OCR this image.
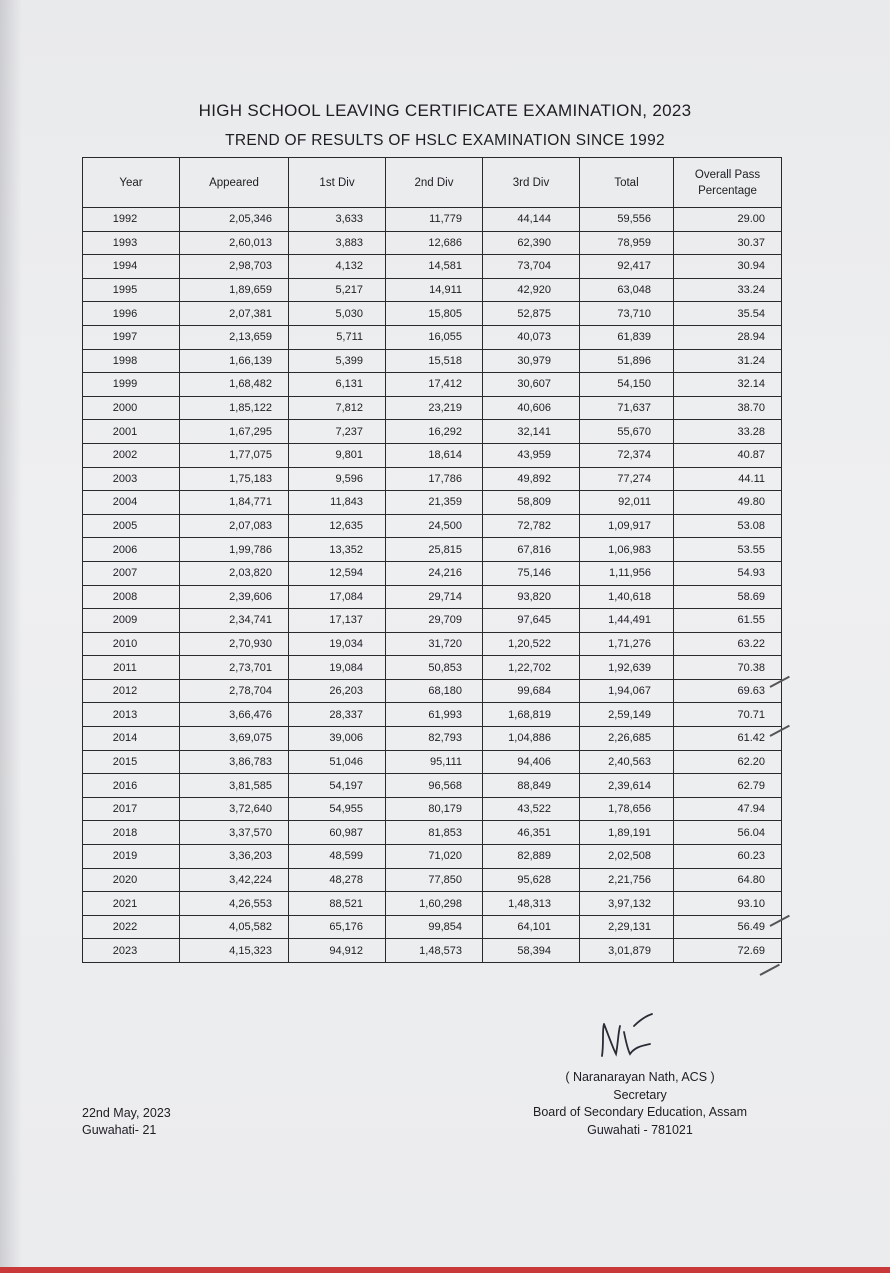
HIGH SCHOOL LEAVING CERTIFICATE EXAMINATION, 2023
TREND OF RESULTS OF HSLC EXAMINATION SINCE 1992
Year	Appeared	1st Div	2nd Div	3rd Div	Total	Overall Pass
Percentage
1992	2,05,346	3,633	11,779	44,144	59,556	29.00
1993	2,60,013	3,883	12,686	62,390	78,959	30.37
1994	2,98,703	4,132	14,581	73,704	92,417	30.94
1995	1,89,659	5,217	14,911	42,920	63,048	33.24
1996	2,07,381	5,030	15,805	52,875	73,710	35.54
1997	2,13,659	5,711	16,055	40,073	61,839	28.94
1998	1,66,139	5,399	15,518	30,979	51,896	31.24
1999	1,68,482	6,131	17,412	30,607	54,150	32.14
2000	1,85,122	7,812	23,219	40,606	71,637	38.70
2001	1,67,295	7,237	16,292	32,141	55,670	33.28
2002	1,77,075	9,801	18,614	43,959	72,374	40.87
2003	1,75,183	9,596	17,786	49,892	77,274	44.11
2004	1,84,771	11,843	21,359	58,809	92,011	49.80
2005	2,07,083	12,635	24,500	72,782	1,09,917	53.08
2006	1,99,786	13,352	25,815	67,816	1,06,983	53.55
2007	2,03,820	12,594	24,216	75,146	1,11,956	54.93
2008	2,39,606	17,084	29,714	93,820	1,40,618	58.69
2009	2,34,741	17,137	29,709	97,645	1,44,491	61.55
2010	2,70,930	19,034	31,720	1,20,522	1,71,276	63.22
2011	2,73,701	19,084	50,853	1,22,702	1,92,639	70.38
2012	2,78,704	26,203	68,180	99,684	1,94,067	69.63
2013	3,66,476	28,337	61,993	1,68,819	2,59,149	70.71
2014	3,69,075	39,006	82,793	1,04,886	2,26,685	61.42
2015	3,86,783	51,046	95,111	94,406	2,40,563	62.20
2016	3,81,585	54,197	96,568	88,849	2,39,614	62.79
2017	3,72,640	54,955	80,179	43,522	1,78,656	47.94
2018	3,37,570	60,987	81,853	46,351	1,89,191	56.04
2019	3,36,203	48,599	71,020	82,889	2,02,508	60.23
2020	3,42,224	48,278	77,850	95,628	2,21,756	64.80
2021	4,26,553	88,521	1,60,298	1,48,313	3,97,132	93.10
2022	4,05,582	65,176	99,854	64,101	2,29,131	56.49
2023	4,15,323	94,912	1,48,573	58,394	3,01,879	72.69
( Naranarayan Nath, ACS )
Secretary
Board of Secondary Education, Assam
Guwahati - 781021
22nd May, 2023
Guwahati- 21
